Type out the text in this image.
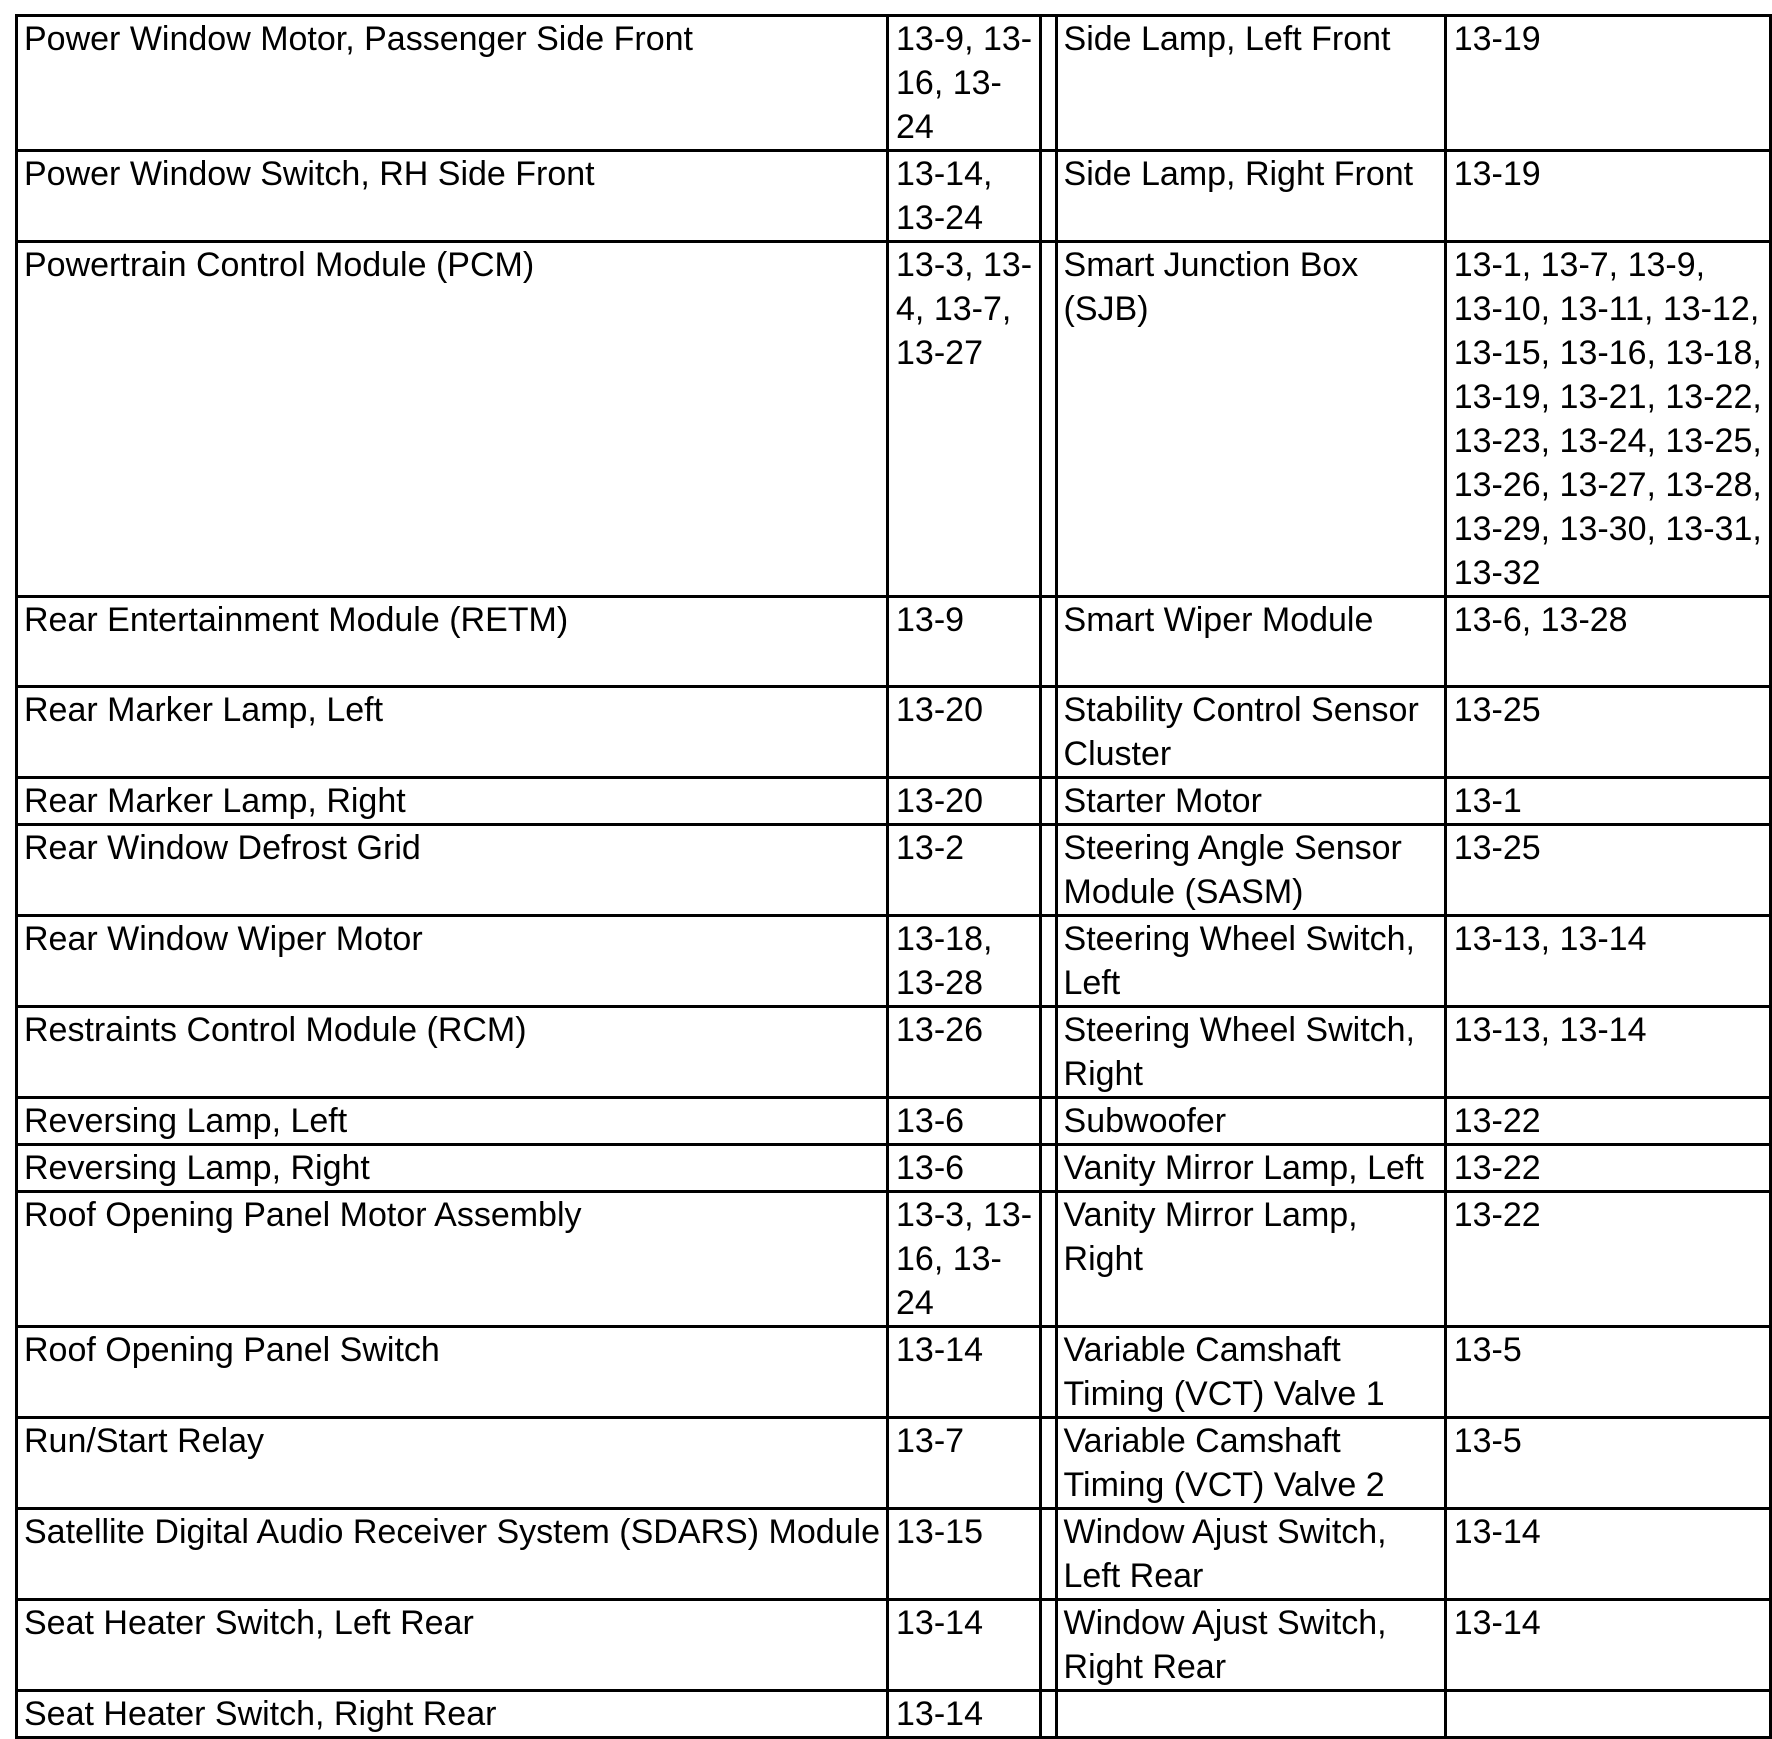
Power Window Motor, Passenger Side Front	13-9, 13-16, 13-24		Side Lamp, Left Front	13-19
Power Window Switch, RH Side Front	13-14, 13-24		Side Lamp, Right Front	13-19
Powertrain Control Module (PCM)	13-3, 13-4, 13-7, 13-27		Smart Junction Box (SJB)	13-1, 13-7, 13-9, 13-10, 13-11, 13-12, 13-15, 13-16, 13-18, 13-19, 13-21, 13-22, 13-23, 13-24, 13-25, 13-26, 13-27, 13-28, 13-29, 13-30, 13-31, 13-32
Rear Entertainment Module (RETM)	13-9		Smart Wiper Module	13-6, 13-28
Rear Marker Lamp, Left	13-20		Stability Control Sensor Cluster	13-25
Rear Marker Lamp, Right	13-20		Starter Motor	13-1
Rear Window Defrost Grid	13-2		Steering Angle Sensor Module (SASM)	13-25
Rear Window Wiper Motor	13-18, 13-28		Steering Wheel Switch, Left	13-13, 13-14
Restraints Control Module (RCM)	13-26		Steering Wheel Switch, Right	13-13, 13-14
Reversing Lamp, Left	13-6		Subwoofer	13-22
Reversing Lamp, Right	13-6		Vanity Mirror Lamp, Left	13-22
Roof Opening Panel Motor Assembly	13-3, 13-16, 13-24		Vanity Mirror Lamp, Right	13-22
Roof Opening Panel Switch	13-14		Variable Camshaft Timing (VCT) Valve 1	13-5
Run/Start Relay	13-7		Variable Camshaft Timing (VCT) Valve 2	13-5
Satellite Digital Audio Receiver System (SDARS) Module	13-15		Window Ajust Switch, Left Rear	13-14
Seat Heater Switch, Left Rear	13-14		Window Ajust Switch, Right Rear	13-14
Seat Heater Switch, Right Rear	13-14			
